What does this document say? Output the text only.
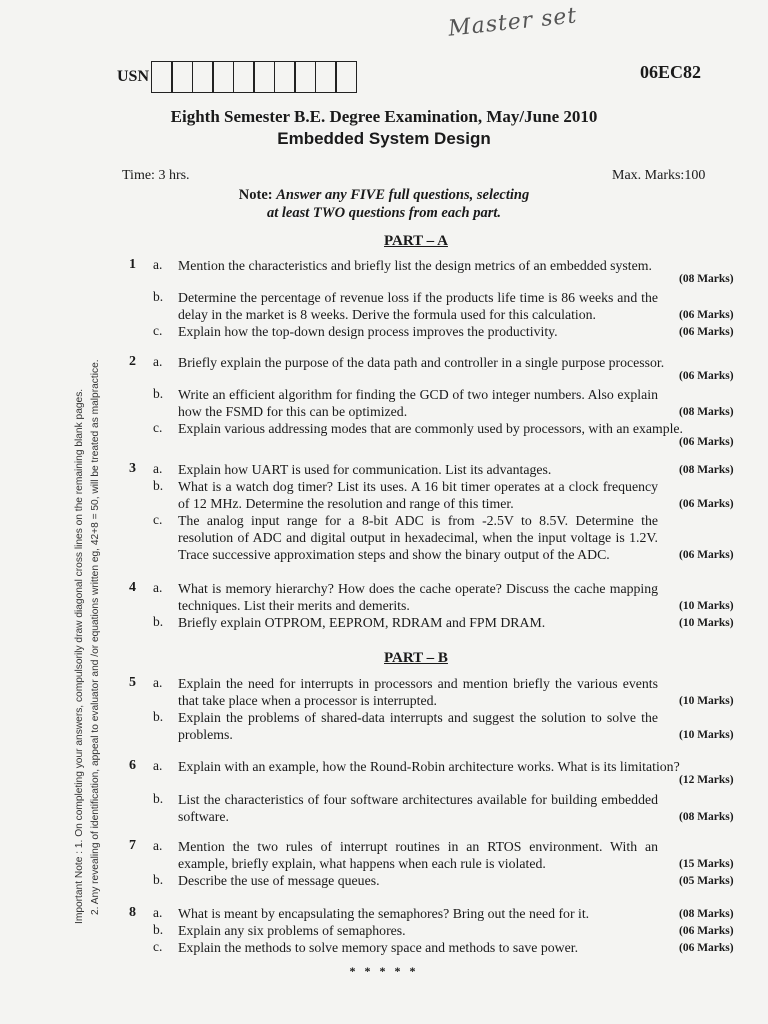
Master set
USN	06EC82
Eighth Semester B.E. Degree Examination, May/June 2010
Embedded System Design
Time: 3 hrs.	Max. Marks:100
Note: Answer any FIVE full questions, selecting
at least TWO questions from each part.
Important Note : 1. On completing your answers, compulsorily draw diagonal cross lines on the remaining blank pages. 2. Any revealing of identification, appeal to evaluator and /or equations written eg, 42+8 = 50, will be treated as malpractice.
PART – A
PART – B
1 a. Mention the characteristics and briefly list the design metrics of an embedded system.
(08 Marks)
b. Determine the percentage of revenue loss if the products life time is 86 weeks and the delay in the market is 8 weeks. Derive the formula used for this calculation.	(06 Marks)
c. Explain how the top-down design process improves the productivity.	(06 Marks)
2 a. Briefly explain the purpose of the data path and controller in a single purpose processor.
(06 Marks)
b. Write an efficient algorithm for finding the GCD of two integer numbers. Also explain how the FSMD for this can be optimized.	(08 Marks)
c. Explain various addressing modes that are commonly used by processors, with an example.
(06 Marks)
3 a. Explain how UART is used for communication. List its advantages.	(08 Marks)
b. What is a watch dog timer? List its uses. A 16 bit timer operates at a clock frequency of 12 MHz. Determine the resolution and range of this timer.	(06 Marks)
c. The analog input range for a 8-bit ADC is from -2.5V to 8.5V. Determine the resolution of ADC and digital output in hexadecimal, when the input voltage is 1.2V. Trace successive approximation steps and show the binary output of the ADC.	(06 Marks)
4 a. What is memory hierarchy? How does the cache operate? Discuss the cache mapping techniques. List their merits and demerits.	(10 Marks)
b. Briefly explain OTPROM, EEPROM, RDRAM and FPM DRAM.	(10 Marks)
5 a. Explain the need for interrupts in processors and mention briefly the various events that take place when a processor is interrupted.	(10 Marks)
b. Explain the problems of shared-data interrupts and suggest the solution to solve the problems.	(10 Marks)
6 a. Explain with an example, how the Round-Robin architecture works. What is its limitation?
(12 Marks)
b. List the characteristics of four software architectures available for building embedded software.	(08 Marks)
7 a. Mention the two rules of interrupt routines in an RTOS environment. With an example, briefly explain, what happens when each rule is violated.	(15 Marks)
b. Describe the use of message queues.	(05 Marks)
8 a. What is meant by encapsulating the semaphores? Bring out the need for it.	(08 Marks)
b. Explain any six problems of semaphores.	(06 Marks)
c. Explain the methods to solve memory space and methods to save power.	(06 Marks)
* * * * *
